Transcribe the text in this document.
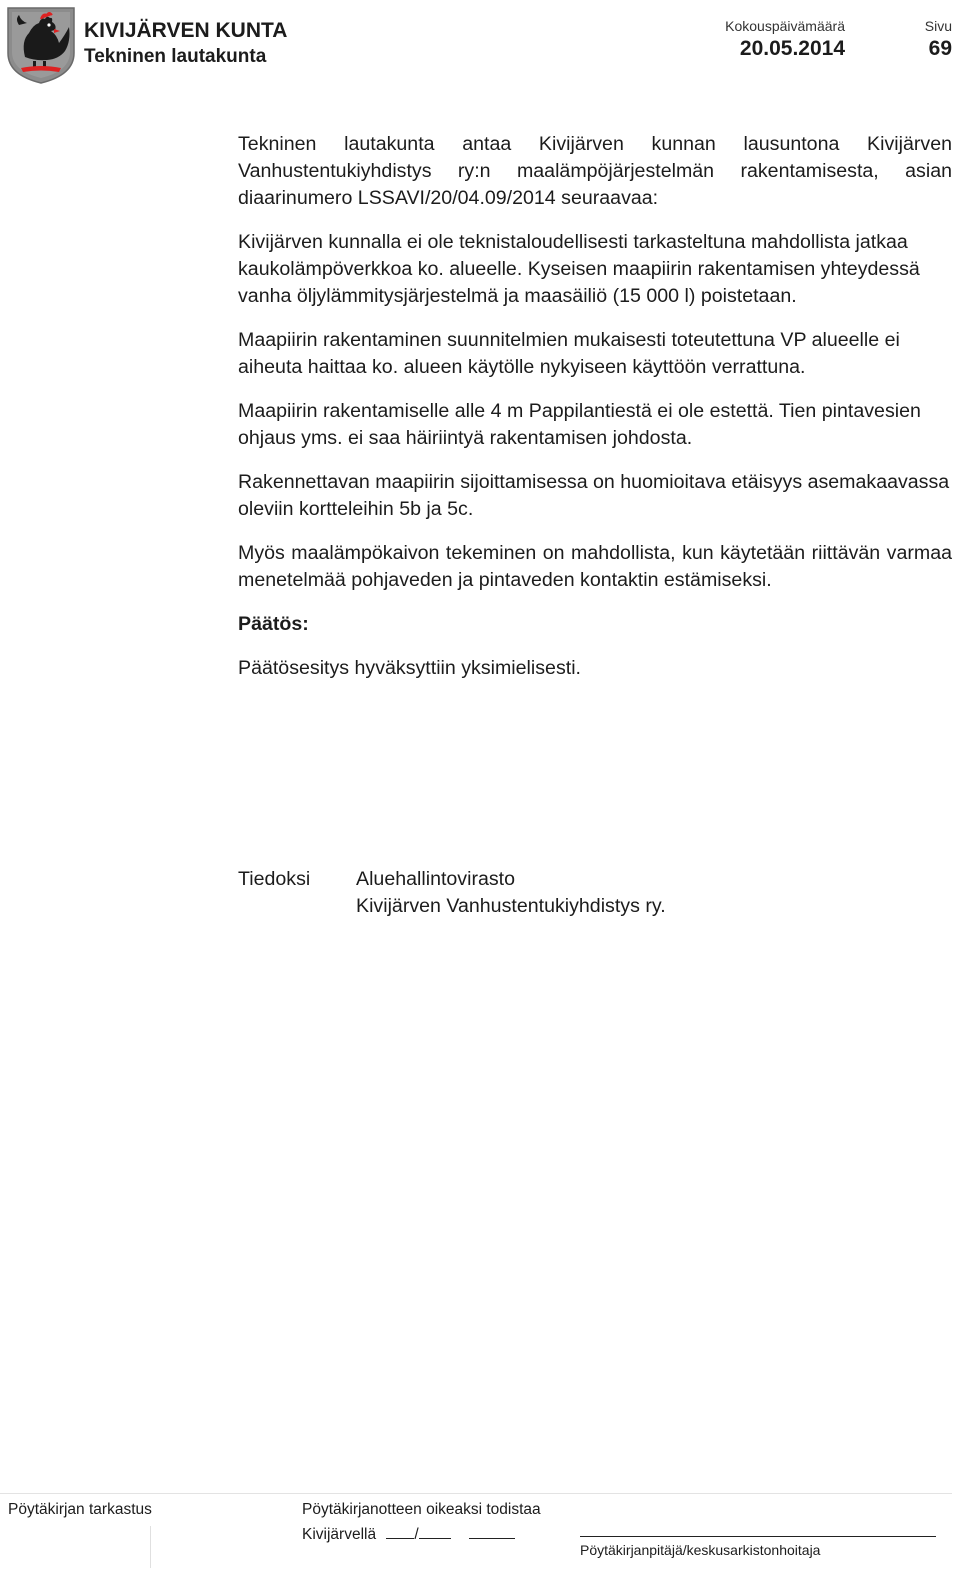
KIVIJÄRVEN KUNTA
Tekninen lautakunta
Kokouspäivämäärä
20.05.2014
Sivu
69

Tekninen lautakunta antaa Kivijärven kunnan lausuntona Kivijärven Vanhustentukiyhdistys ry:n maalämpöjärjestelmän rakentamisesta, asian diaarinumero LSSAVI/20/04.09/2014 seuraavaa:

Kivijärven kunnalla ei ole teknistaloudellisesti tarkasteltuna mahdollista jatkaa kaukolämpöverkkoa ko. alueelle. Kyseisen maapiirin rakentamisen yhteydessä vanha öljylämmitysjärjestelmä ja maasäiliö (15 000 l) poistetaan.

Maapiirin rakentaminen suunnitelmien mukaisesti toteutettuna VP alueelle ei aiheuta haittaa ko. alueen käytölle nykyiseen käyttöön verrattuna.

Maapiirin rakentamiselle alle 4 m Pappilantiestä ei ole estettä. Tien pintavesien ohjaus yms. ei saa häiriintyä rakentamisen johdosta.

Rakennettavan maapiirin sijoittamisessa on huomioitava etäisyys asemakaavassa oleviin kortteleihin 5b ja 5c.

Myös maalämpökaivon tekeminen on mahdollista, kun käytetään riittävän varmaa menetelmää pohjaveden ja pintaveden kontaktin estämiseksi.

Päätös:

Päätösesitys hyväksyttiin yksimielisesti.

Tiedoksi Aluehallintovirasto
Kivijärven Vanhustentukiyhdistys ry.
Pöytäkirjan tarkastus	Pöytäkirjanotteen oikeaksi todistaa
Kivijärvellä /
Pöytäkirjanpitäjä/keskusarkistonhoitaja
